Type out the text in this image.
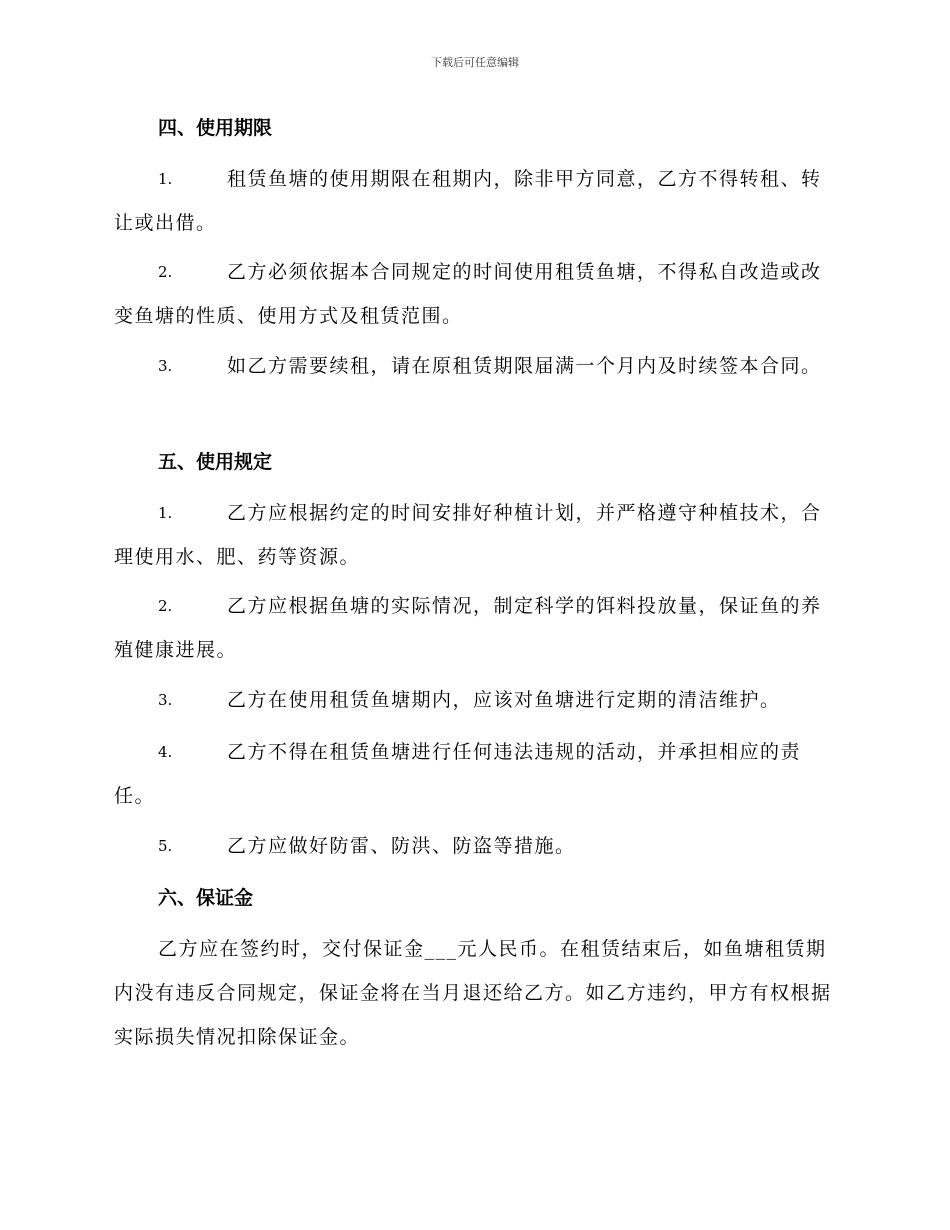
下载后可任意编辑
四、使用期限
1.	租赁鱼塘的使用期限在租期内，除非甲方同意，乙方不得转租、转让或出借。
2.	乙方必须依据本合同规定的时间使用租赁鱼塘，不得私自改造或改变鱼塘的性质、使用方式及租赁范围。
3.	如乙方需要续租，请在原租赁期限届满一个月内及时续签本合同。
五、使用规定
1.	乙方应根据约定的时间安排好种植计划，并严格遵守种植技术，合理使用水、肥、药等资源。
2.	乙方应根据鱼塘的实际情况，制定科学的饵料投放量，保证鱼的养殖健康进展。
3.	乙方在使用租赁鱼塘期内，应该对鱼塘进行定期的清洁维护。
4.	乙方不得在租赁鱼塘进行任何违法违规的活动，并承担相应的责任。
5.	乙方应做好防雷、防洪、防盗等措施。
六、保证金
乙方应在签约时，交付保证金___元人民币。在租赁结束后，如鱼塘租赁期内没有违反合同规定，保证金将在当月退还给乙方。如乙方违约，甲方有权根据实际损失情况扣除保证金。
